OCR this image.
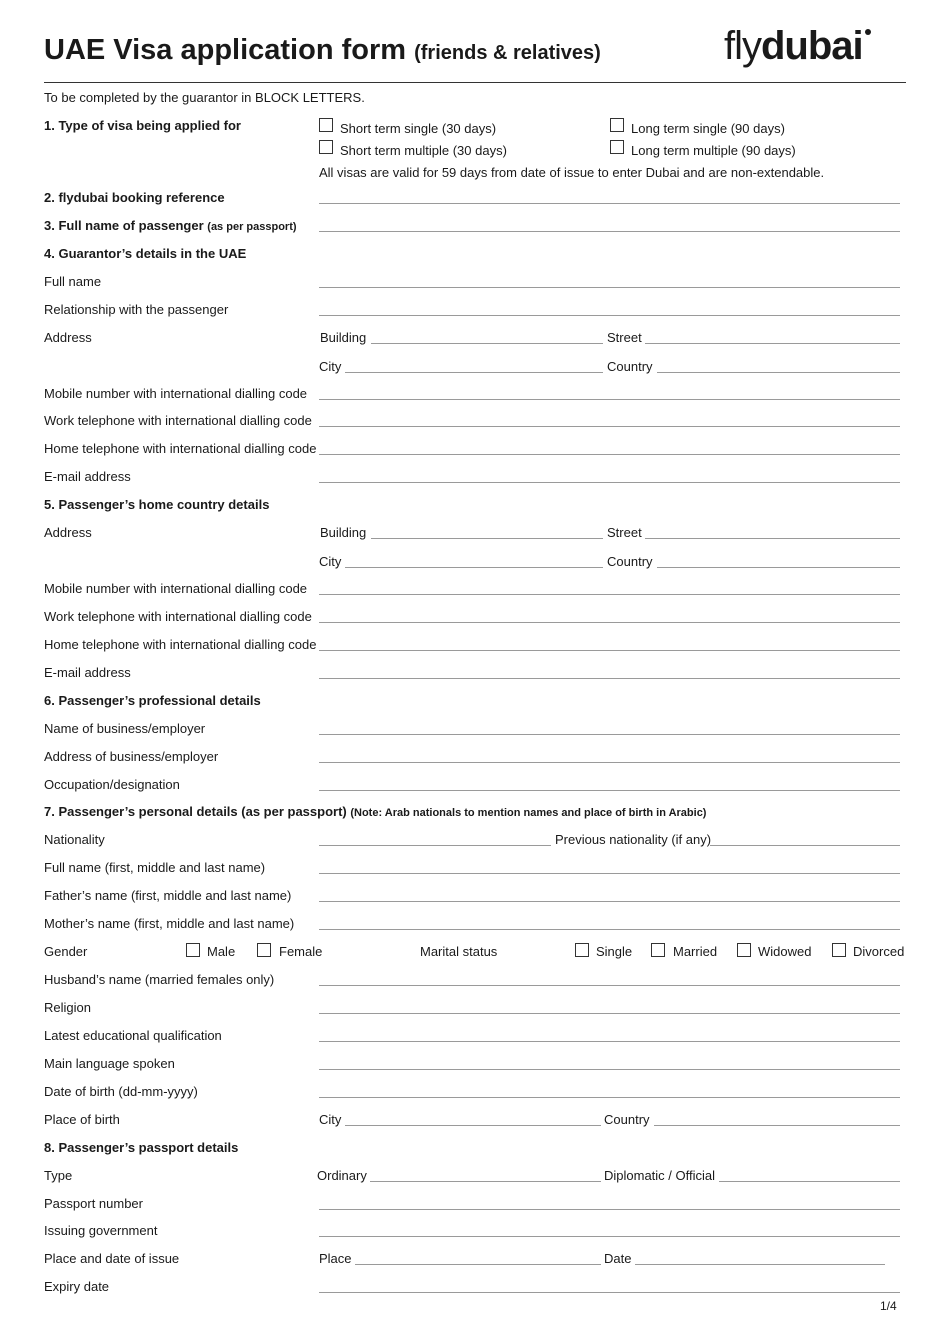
UAE Visa application form (friends & relatives)	flydubai
To be completed by the guarantor in BLOCK LETTERS.
1. Type of visa being applied for	Short term single (30 days)	Long term single (90 days)
Short term multiple (30 days)	Long term multiple (90 days)
All visas are valid for 59 days from date of issue to enter Dubai and are non-extendable.
2. flydubai booking reference
3. Full name of passenger (as per passport)
4. Guarantor’s details in the UAE
Full name
Relationship with the passenger
Address	Building	Street
City	Country
Mobile number with international dialling code
Work telephone with international dialling code
Home telephone with international dialling code
E-mail address
5. Passenger’s home country details
Address	Building	Street
City	Country
Mobile number with international dialling code
Work telephone with international dialling code
Home telephone with international dialling code
E-mail address
6. Passenger’s professional details
Name of business/employer
Address of business/employer
Occupation/designation
7. Passenger’s personal details (as per passport) (Note: Arab nationals to mention names and place of birth in Arabic)
Nationality	Previous nationality (if any)
Full name (first, middle and last name)
Father’s name (first, middle and last name)
Mother’s name (first, middle and last name)
Gender	Male	Female	Marital status	Single	Married	Widowed	Divorced
Husband’s name (married females only)
Religion
Latest educational qualification
Main language spoken
Date of birth (dd-mm-yyyy)
Place of birth	City	Country
8. Passenger’s passport details
Type	Ordinary	Diplomatic / Official
Passport number
Issuing government
Place and date of issue	Place	Date
Expiry date
1/4
